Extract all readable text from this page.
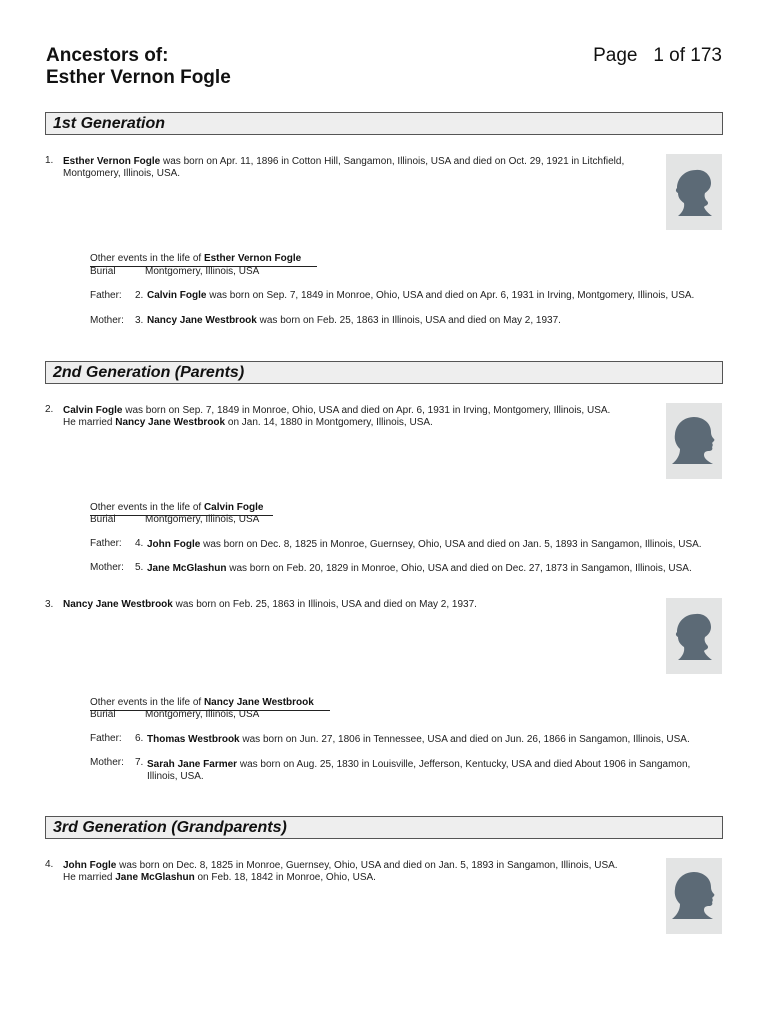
Ancestors of:
Esther Vernon Fogle
Page   1 of 173
1st Generation
1. Esther Vernon Fogle was born on Apr. 11, 1896 in Cotton Hill, Sangamon, Illinois, USA and died on Oct. 29, 1921 in Litchfield, Montgomery, Illinois, USA.
Other events in the life of Esther Vernon Fogle
Burial	Montgomery, Illinois, USA
Father: 2. Calvin Fogle was born on Sep. 7, 1849 in Monroe, Ohio, USA and died on Apr. 6, 1931 in Irving, Montgomery, Illinois, USA.
Mother: 3. Nancy Jane Westbrook was born on Feb. 25, 1863 in Illinois, USA and died on May 2, 1937.
2nd Generation (Parents)
2. Calvin Fogle was born on Sep. 7, 1849 in Monroe, Ohio, USA and died on Apr. 6, 1931 in Irving, Montgomery, Illinois, USA.
He married Nancy Jane Westbrook on Jan. 14, 1880 in Montgomery, Illinois, USA.
Other events in the life of Calvin Fogle
Burial	Montgomery, Illinois, USA
Father: 4. John Fogle was born on Dec. 8, 1825 in Monroe, Guernsey, Ohio, USA and died on Jan. 5, 1893 in Sangamon, Illinois, USA.
Mother: 5. Jane McGlashun was born on Feb. 20, 1829 in Monroe, Ohio, USA and died on Dec. 27, 1873 in Sangamon, Illinois, USA.
3. Nancy Jane Westbrook was born on Feb. 25, 1863 in Illinois, USA and died on May 2, 1937.
Other events in the life of Nancy Jane Westbrook
Burial	Montgomery, Illinois, USA
Father: 6. Thomas Westbrook was born on Jun. 27, 1806 in Tennessee, USA and died on Jun. 26, 1866 in Sangamon, Illinois, USA.
Mother: 7. Sarah Jane Farmer was born on Aug. 25, 1830 in Louisville, Jefferson, Kentucky, USA and died About 1906 in Sangamon, Illinois, USA.
3rd Generation (Grandparents)
4. John Fogle was born on Dec. 8, 1825 in Monroe, Guernsey, Ohio, USA and died on Jan. 5, 1893 in Sangamon, Illinois, USA.
He married Jane McGlashun on Feb. 18, 1842 in Monroe, Ohio, USA.
